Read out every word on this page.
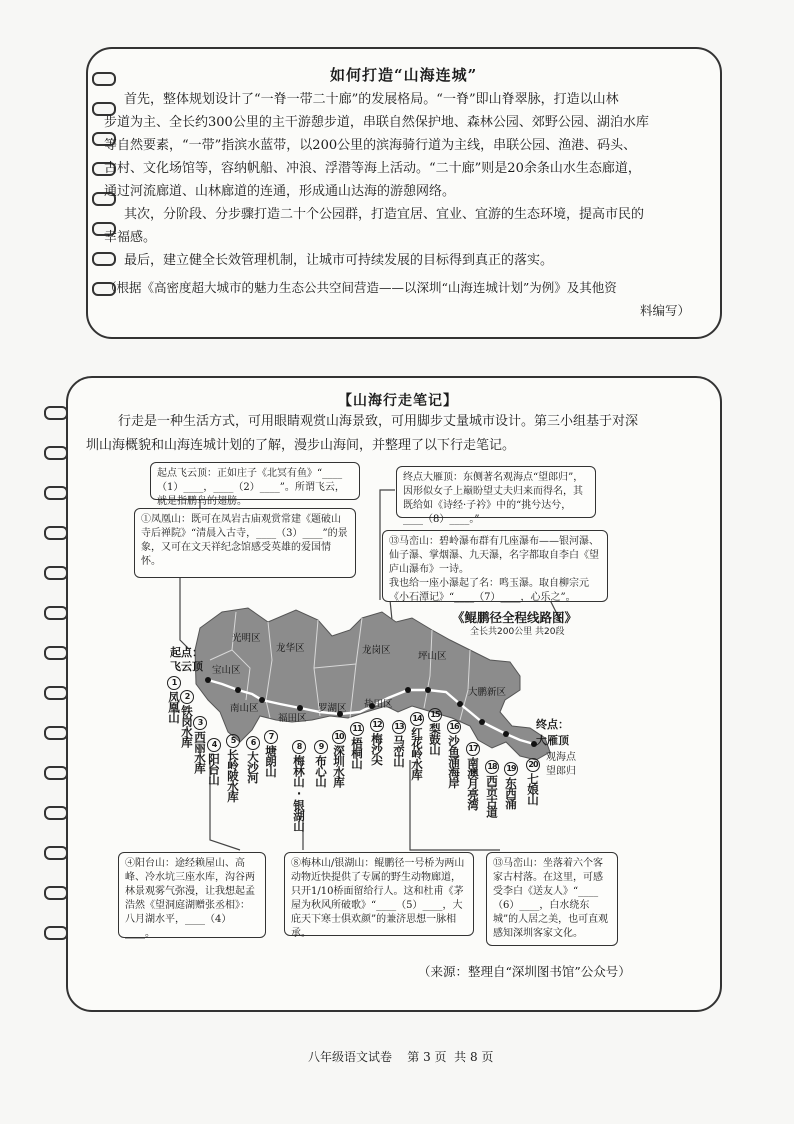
如何打造“山海连城”
首先，整体规划设计了“一脊一带二十廊”的发展格局。“一脊”即山脊翠脉，打造以山林
步道为主、全长约300公里的主干游憩步道，串联自然保护地、森林公园、郊野公园、湖泊水库
等自然要素，“一带”指滨水蓝带，以200公里的滨海骑行道为主线，串联公园、渔港、码头、
古村、文化场馆等，容纳帆船、冲浪、浮潜等海上活动。“二十廊”则是20余条山水生态廊道，
通过河流廊道、山林廊道的连通，形成通山达海的游憩网络。
其次，分阶段、分步骤打造二十个公园群，打造宜居、宜业、宜游的生态环境，提高市民的
幸福感。
最后，建立健全长效管理机制，让城市可持续发展的目标得到真正的落实。
（根据《高密度超大城市的魅力生态公共空间营造——以深圳“山海连城计划”为例》及其他资
料编写）
【山海行走笔记】
行走是一种生活方式，可用眼睛观赏山海景致，可用脚步丈量城市设计。第三小组基于对深
圳山海概貌和山海连城计划的了解，漫步山海间，并整理了以下行走笔记。
起点飞云顶：正如庄子《北冥有鱼》“____（1）____，____（2）____”。所谓飞云，就是指鹏鸟的翅膀。
①凤凰山：既可在凤岩古庙观赏常建《题破山寺后禅院》“清晨入古寺，____（3）____”的景象，又可在文天祥纪念馆感受英雄的爱国情怀。
终点大雁顶：东侧著名观海点“望郎归”，因形似女子上巅盼望丈夫归来而得名，其既给如《诗经·子衿》中的“挑兮达兮，____（8）____。”
⑬马峦山：碧岭瀑布群有几座瀑布——银河瀑、仙子瀑、掌烟瀑、九天瀑，名字都取自李白《望庐山瀑布》一诗。
我也给一座小瀑起了名：鸣玉瀑。取自柳宗元《小石潭记》“____（7）____，心乐之”。
《鲲鹏径全程线路图》
全长共200公里 共20段
起点：
飞云顶
终点：
大雁顶
观海点
望郎归
光明区
宝山区
龙华区	龙岗区
坪山区
南山区
福田区
罗湖区 盐田区
大鹏新区
1凤凰山 2铁岗水库 3西丽水库 4阳台山
5长岭陂水库
6大沙河
7塘朗山	8梅林山·银湖山
9布心山
10深圳水库
11梧桐山
12梅沙尖
13马峦山
14红花岭水库
15梨鼓山 16沙鱼涌海岸 17南澳月亮湾 18西贡古道
19东西涌
20七娘山
④阳台山：途经赖屋山、高峰、冷水坑三座水库，沟谷两林景观雾气弥漫，让我想起孟浩然《望洞庭湖赠张丞相》：八月湖水平，____（4）____。
⑧梅林山/银湖山：鲲鹏径一号桥为两山动物近快提供了专属的野生动物廊道，只开1/10桥面留给行人。这和杜甫《茅屋为秋风所破歌》“____（5）____，大庇天下寒士俱欢颜”的兼济思想一脉相承。
⑬马峦山：坐落着六个客家古村落。在这里，可感受李白《送友人》“____（6）____，白水绕东城”的人居之美，也可直观感知深圳客家文化。
（来源：整理自“深圳图书馆”公众号）
八年级语文试卷    第 3 页  共 8 页
